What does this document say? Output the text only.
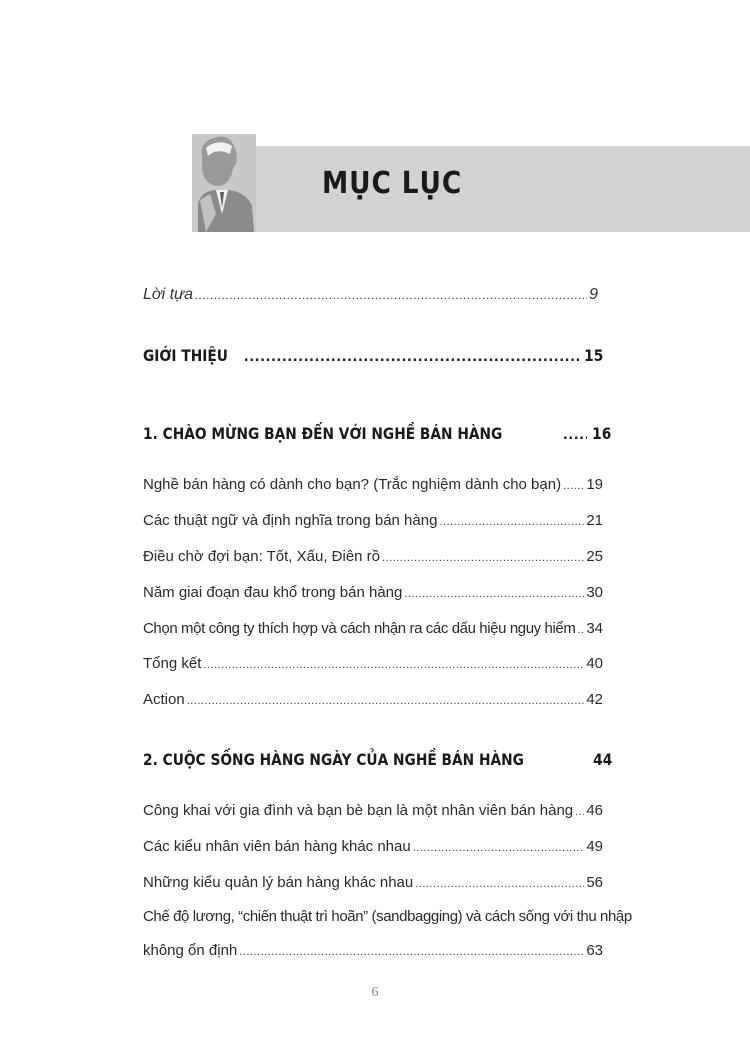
MỤC LỤC
Lời tựa .....	9
GIỚI THIỆU .....	15
1. CHÀO MỪNG BẠN ĐẾN VỚI NGHỀ BÁN HÀNG .....	16
Nghề bán hàng có dành cho bạn? (Trắc nghiệm dành cho bạn) ..... 19
Các thuật ngữ và định nghĩa trong bán hàng .....	21
Điều chờ đợi bạn: Tốt, Xấu, Điên rồ .....	25
Năm giai đoạn đau khổ trong bán hàng .....	30
Chọn một công ty thích hợp và cách nhận ra các dấu hiệu nguy hiểm ..... 34
Tổng kết .....	40
Action .....	42
2. CUỘC SỐNG HÀNG NGÀY CỦA NGHỀ BÁN HÀNG	44
Công khai với gia đình và bạn bè bạn là một nhân viên bán hàng ..... 46
Các kiểu nhân viên bán hàng khác nhau .....	49
Những kiểu quản lý bán hàng khác nhau .....	56
Chế độ lương, “chiến thuật trì hoãn” (sandbagging) và cách sống với thu nhập
không ổn định .....	63
6
